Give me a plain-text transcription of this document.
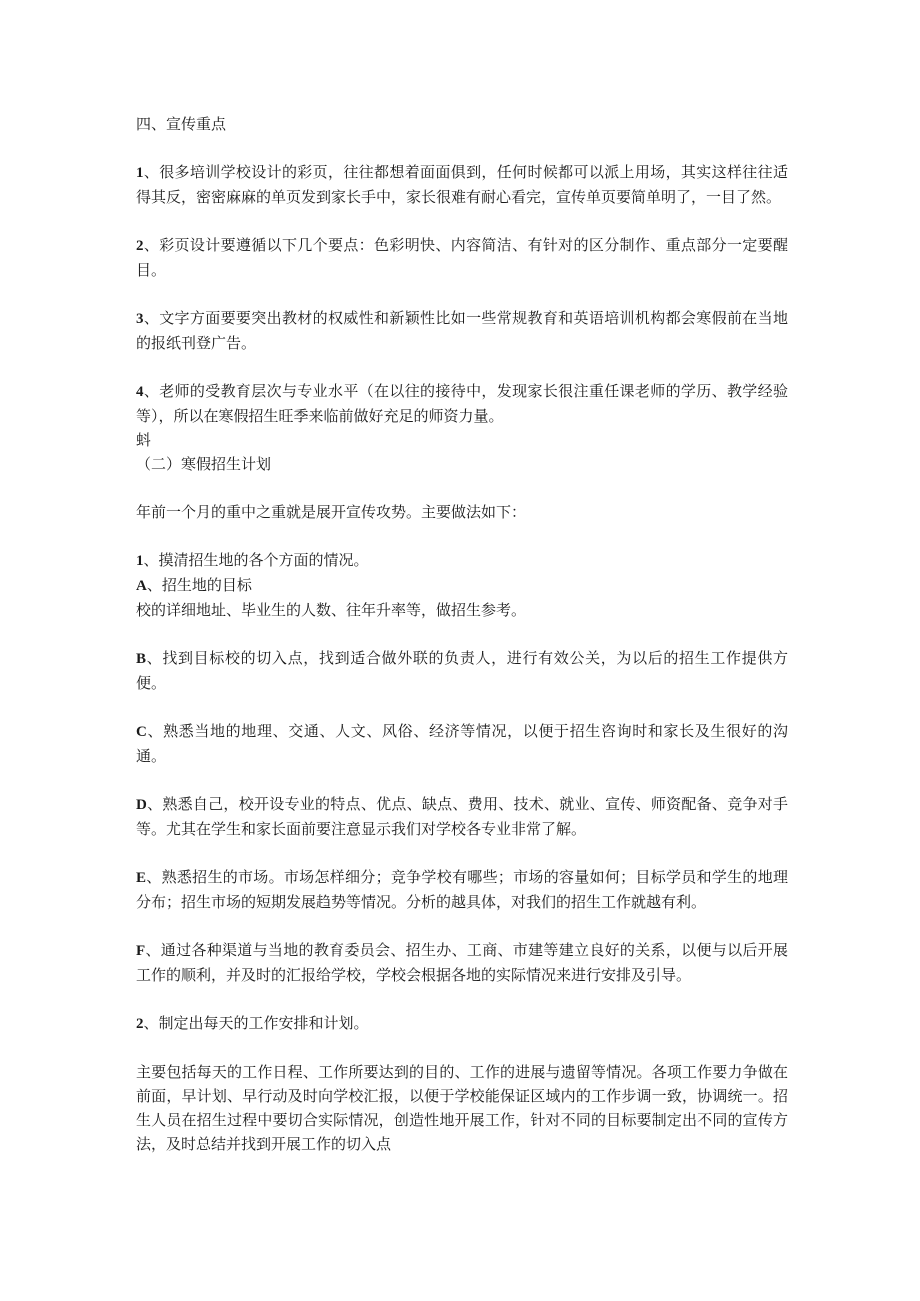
四、宣传重点

1、很多培训学校设计的彩页，往往都想着面面俱到，任何时候都可以派上用场，其实这样往往适得其反，密密麻麻的单页发到家长手中，家长很难有耐心看完，宣传单页要简单明了，一目了然。

2、彩页设计要遵循以下几个要点：色彩明快、内容简洁、有针对的区分制作、重点部分一定要醒目。

3、文字方面要要突出教材的权威性和新颖性比如一些常规教育和英语培训机构都会寒假前在当地的报纸刊登广告。

4、老师的受教育层次与专业水平（在以往的接待中，发现家长很注重任课老师的学历、教学经验等），所以在寒假招生旺季来临前做好充足的师资力量。

蚪

（二）寒假招生计划

年前一个月的重中之重就是展开宣传攻势。主要做法如下：

1、摸清招生地的各个方面的情况。

A、招生地的目标

校的详细地址、毕业生的人数、往年升率等，做招生参考。

B、找到目标校的切入点，找到适合做外联的负责人，进行有效公关，为以后的招生工作提供方便。

C、熟悉当地的地理、交通、人文、风俗、经济等情况，以便于招生咨询时和家长及生很好的沟通。

D、熟悉自己，校开设专业的特点、优点、缺点、费用、技术、就业、宣传、师资配备、竞争对手等。尤其在学生和家长面前要注意显示我们对学校各专业非常了解。

E、熟悉招生的市场。市场怎样细分；竞争学校有哪些；市场的容量如何；目标学员和学生的地理分布；招生市场的短期发展趋势等情况。分析的越具体，对我们的招生工作就越有利。

F、通过各种渠道与当地的教育委员会、招生办、工商、市建等建立良好的关系，以便与以后开展工作的顺利，并及时的汇报给学校，学校会根据各地的实际情况来进行安排及引导。

2、制定出每天的工作安排和计划。

主要包括每天的工作日程、工作所要达到的目的、工作的进展与遗留等情况。各项工作要力争做在前面，早计划、早行动及时向学校汇报，以便于学校能保证区域内的工作步调一致，协调统一。招生人员在招生过程中要切合实际情况，创造性地开展工作，针对不同的目标要制定出不同的宣传方法，及时总结并找到开展工作的切入点
